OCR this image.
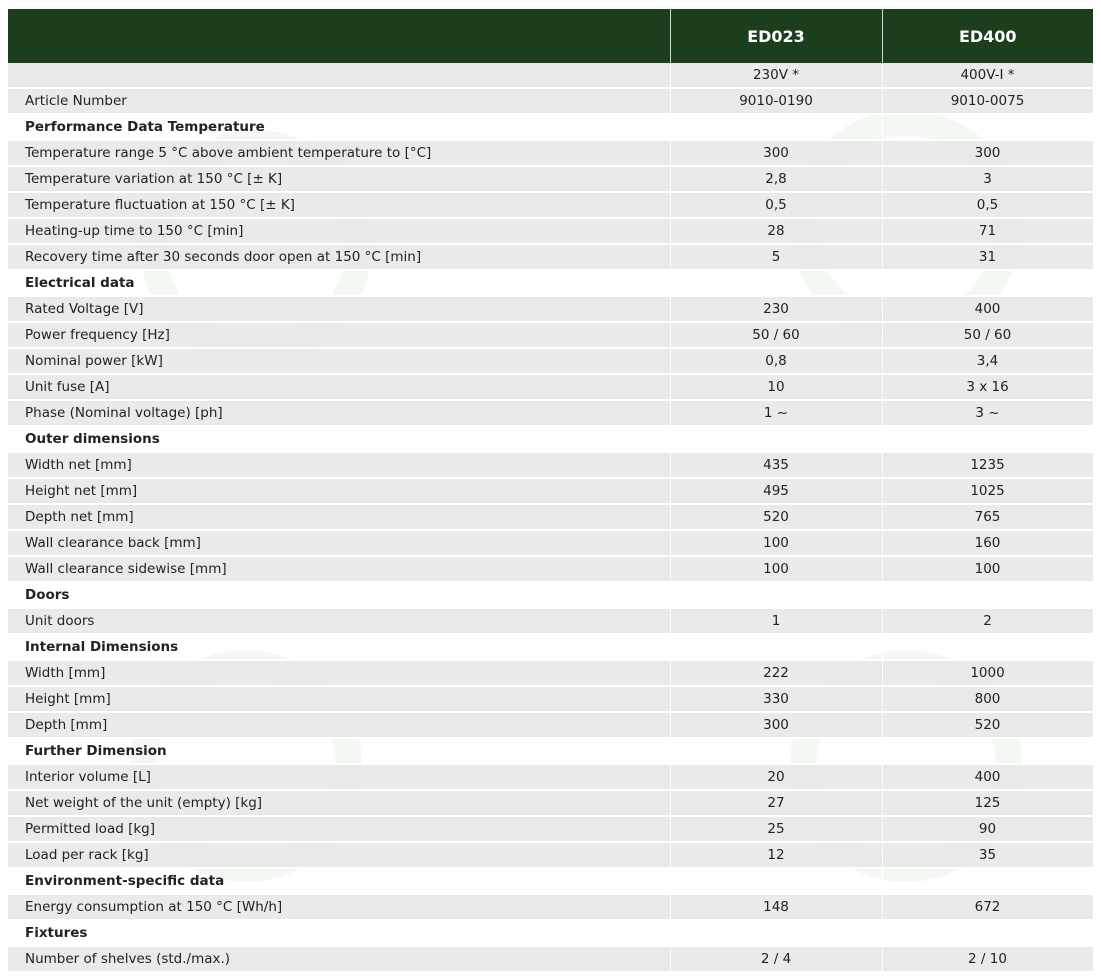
	ED023	ED400
	230V *	400V-I *
Article Number	9010-0190	9010-0075
Performance Data Temperature		
Temperature range 5 °C above ambient temperature to [°C]	300	300
Temperature variation at 150 °C [± K]	2,8	3
Temperature fluctuation at 150 °C [± K]	0,5	0,5
Heating-up time to 150 °C [min]	28	71
Recovery time after 30 seconds door open at 150 °C [min]	5	31
Electrical data		
Rated Voltage [V]	230	400
Power frequency [Hz]	50 / 60	50 / 60
Nominal power [kW]	0,8	3,4
Unit fuse [A]	10	3 x 16
Phase (Nominal voltage) [ph]	1 ~	3 ~
Outer dimensions		
Width net [mm]	435	1235
Height net [mm]	495	1025
Depth net [mm]	520	765
Wall clearance back [mm]	100	160
Wall clearance sidewise [mm]	100	100
Doors		
Unit doors	1	2
Internal Dimensions		
Width [mm]	222	1000
Height [mm]	330	800
Depth [mm]	300	520
Further Dimension		
Interior volume [L]	20	400
Net weight of the unit (empty) [kg]	27	125
Permitted load [kg]	25	90
Load per rack [kg]	12	35
Environment-specific data		
Energy consumption at 150 °C [Wh/h]	148	672
Fixtures		
Number of shelves (std./max.)	2 / 4	2 / 10
